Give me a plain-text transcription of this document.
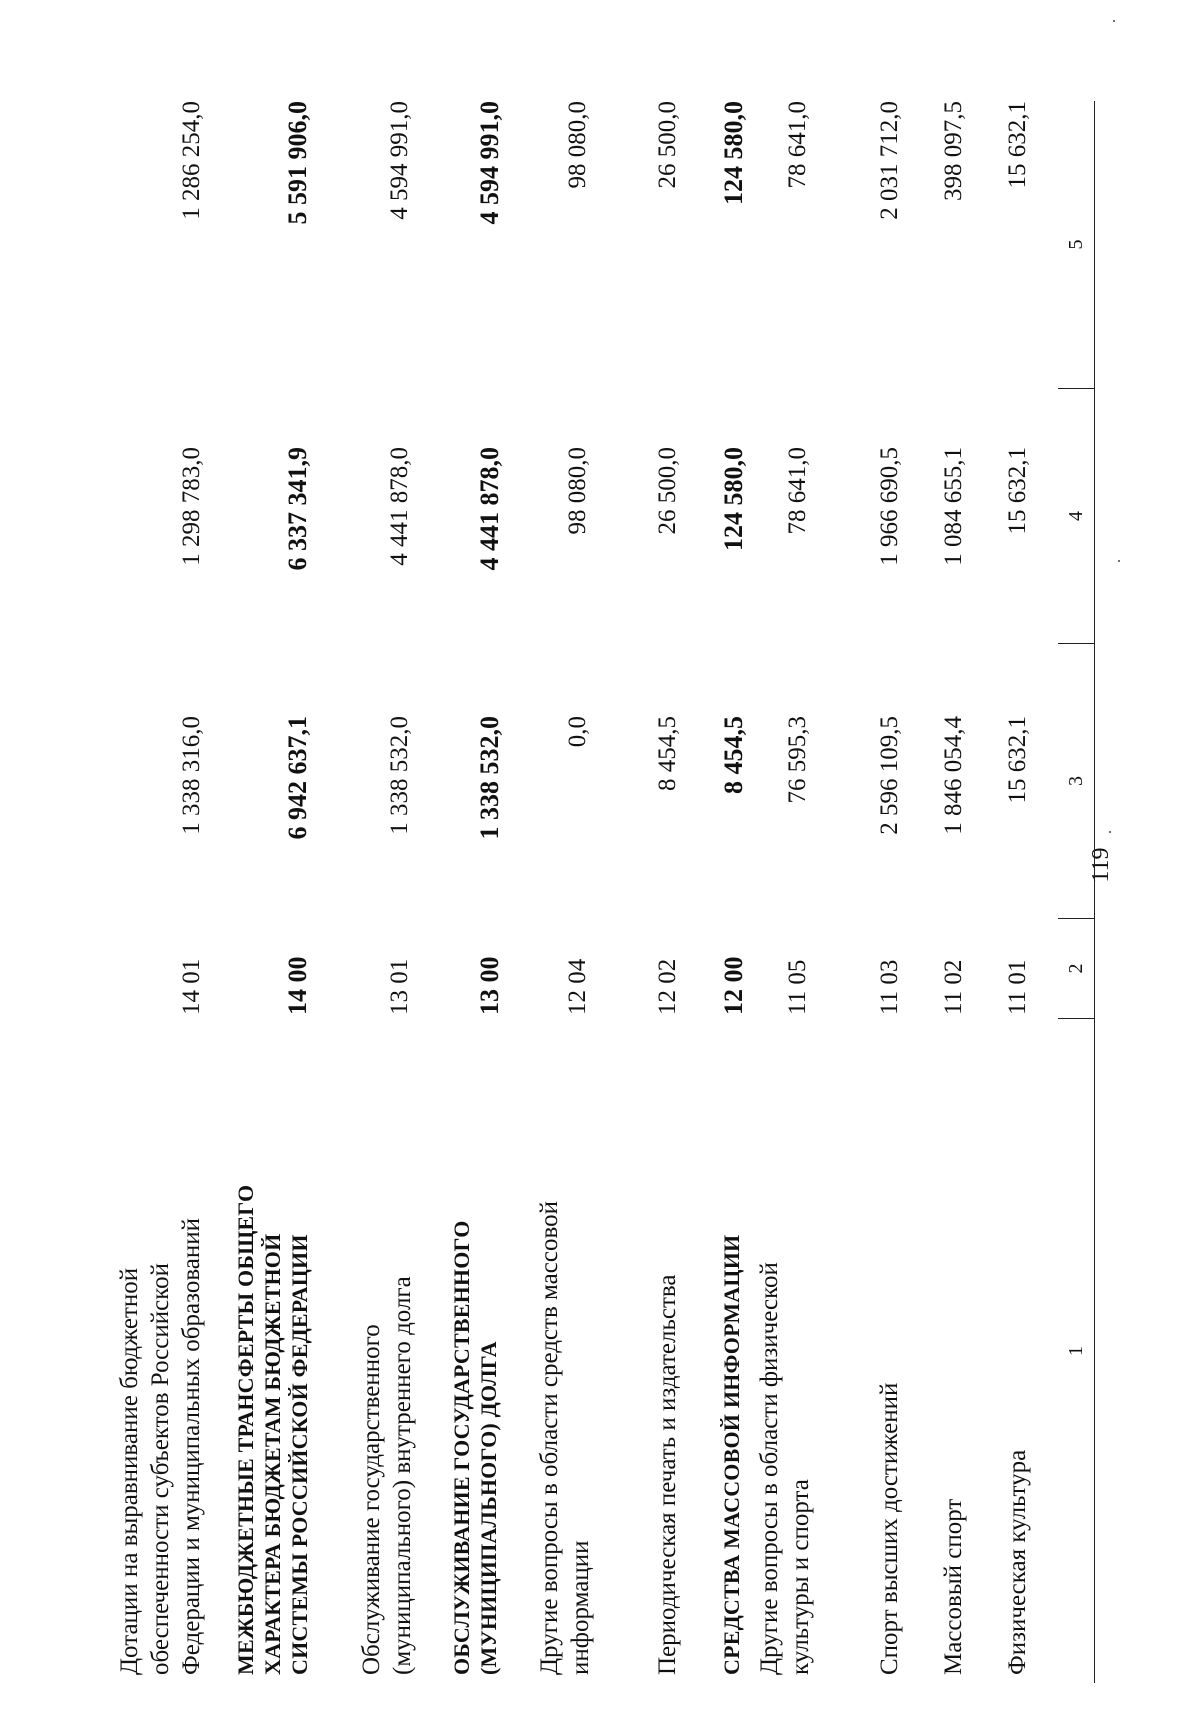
119
1
2
3
4
5
Физическая культура
11 01
15 632,1
15 632,1
15 632,1
Массовый спорт
11 02
1 846 054,4
1 084 655,1
398 097,5
Спорт высших достижений
11 03
2 596 109,5
1 966 690,5
2 031 712,0
Другие вопросы в области физической культуры и спорта
11 05
76 595,3
78 641,0
78 641,0
СРЕДСТВА МАССОВОЙ ИНФОРМАЦИИ
12 00
8 454,5
124 580,0
124 580,0
Периодическая печать и издательства
12 02
8 454,5
26 500,0
26 500,0
Другие вопросы в области средств массовой информации
12 04
0,0
98 080,0
98 080,0
ОБСЛУЖИВАНИЕ ГОСУДАРСТВЕННОГО (МУНИЦИПАЛЬНОГО) ДОЛГА
13 00
1 338 532,0
4 441 878,0
4 594 991,0
Обслуживание государственного (муниципального) внутреннего долга
13 01
1 338 532,0
4 441 878,0
4 594 991,0
МЕЖБЮДЖЕТНЫЕ ТРАНСФЕРТЫ ОБЩЕГО ХАРАКТЕРА БЮДЖЕТАМ БЮДЖЕТНОЙ СИСТЕМЫ РОССИЙСКОЙ ФЕДЕРАЦИИ
14 00
6 942 637,1
6 337 341,9
5 591 906,0
Дотации на выравнивание бюджетной обеспеченности субъектов Российской Федерации и муниципальных образований
14 01
1 338 316,0
1 298 783,0
1 286 254,0
